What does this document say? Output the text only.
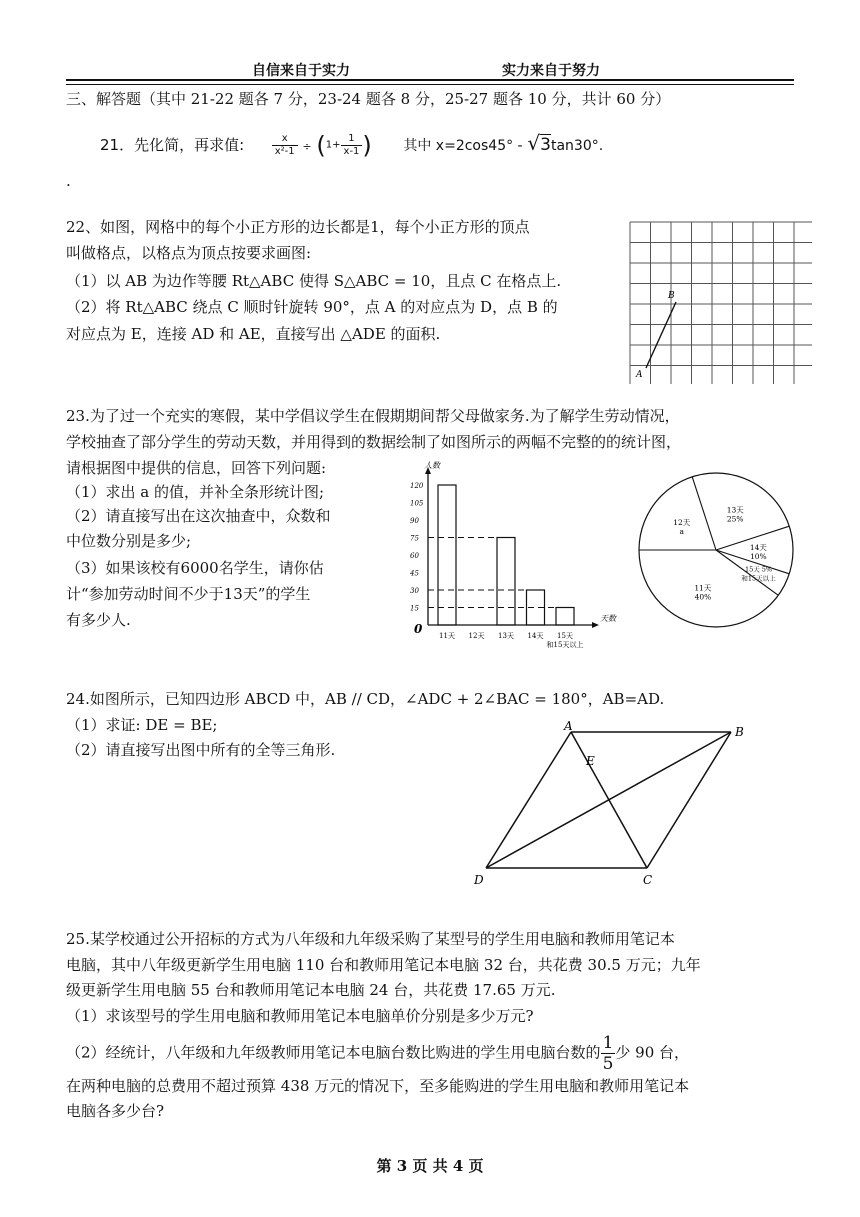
自信来自于实力	实力来自于努力
三、解答题（其中 21-22 题各 7 分，23-24 题各 8 分，25-27 题各 10 分，共计 60 分）
21．先化简，再求值:	$\frac{x}{\text{x²-1}} \div (1+ \frac{1}{x-1}$ ) 其中 x=2cos45° - √3tan30°.
.
22、如图，网格中的每个小正方形的边长都是1，每个小正方形的顶点
叫做格点，以格点为顶点按要求画图:
（1）以 AB 为边作等腰 Rt△ABC 使得 S△ABC = 10，且点 C 在格点上.
（2）将 Rt△ABC 绕点 C 顺时针旋转 90°，点 A 的对应点为 D，点 B 的
对应点为 E，连接 AD 和 AE，直接写出 △ADE 的面积.
A
B
23.为了过一个充实的寒假，某中学倡议学生在假期期间帮父母做家务.为了解学生劳动情况，
学校抽查了部分学生的劳动天数，并用得到的数据绘制了如图所示的两幅不完整的的统计图，
请根据图中提供的信息，回答下列问题:
（1）求出 a 的值，并补全条形统计图;
（2）请直接写出在这次抽查中，众数和
中位数分别是多少;
（3）如果该校有6000名学生，请你估
计“参加劳动时间不少于13天”的学生
有多少人.
人数
天数
0
15
30
45
60
75
90
105
120
11天 12天 13天 14天 15天
和15天以上
13天
25%
14天
10%
15天 5%
和15天以上
11天
40%
12天
a
24.如图所示，已知四边形 ABCD 中，AB // CD，∠ADC + 2∠BAC = 180°，AB=AD.
（1）求证: DE = BE;
（2）请直接写出图中所有的全等三角形.
A	B
C
D
E
25.某学校通过公开招标的方式为八年级和九年级采购了某型号的学生用电脑和教师用笔记本
电脑，其中八年级更新学生用电脑 110 台和教师用笔记本电脑 32 台，共花费 30.5 万元；九年
级更新学生用电脑 55 台和教师用笔记本电脑 24 台，共花费 17.65 万元.
（1）求该型号的学生用电脑和教师用笔记本电脑单价分别是多少万元?
（2）经统计，八年级和九年级教师用笔记本电脑台数比购进的学生用电脑台数的 $\frac{1}{5}$ 少 90 台，
在两种电脑的总费用不超过预算 438 万元的情况下，至多能购进的学生用电脑和教师用笔记本
电脑各多少台?
第 3 页 共 4 页
